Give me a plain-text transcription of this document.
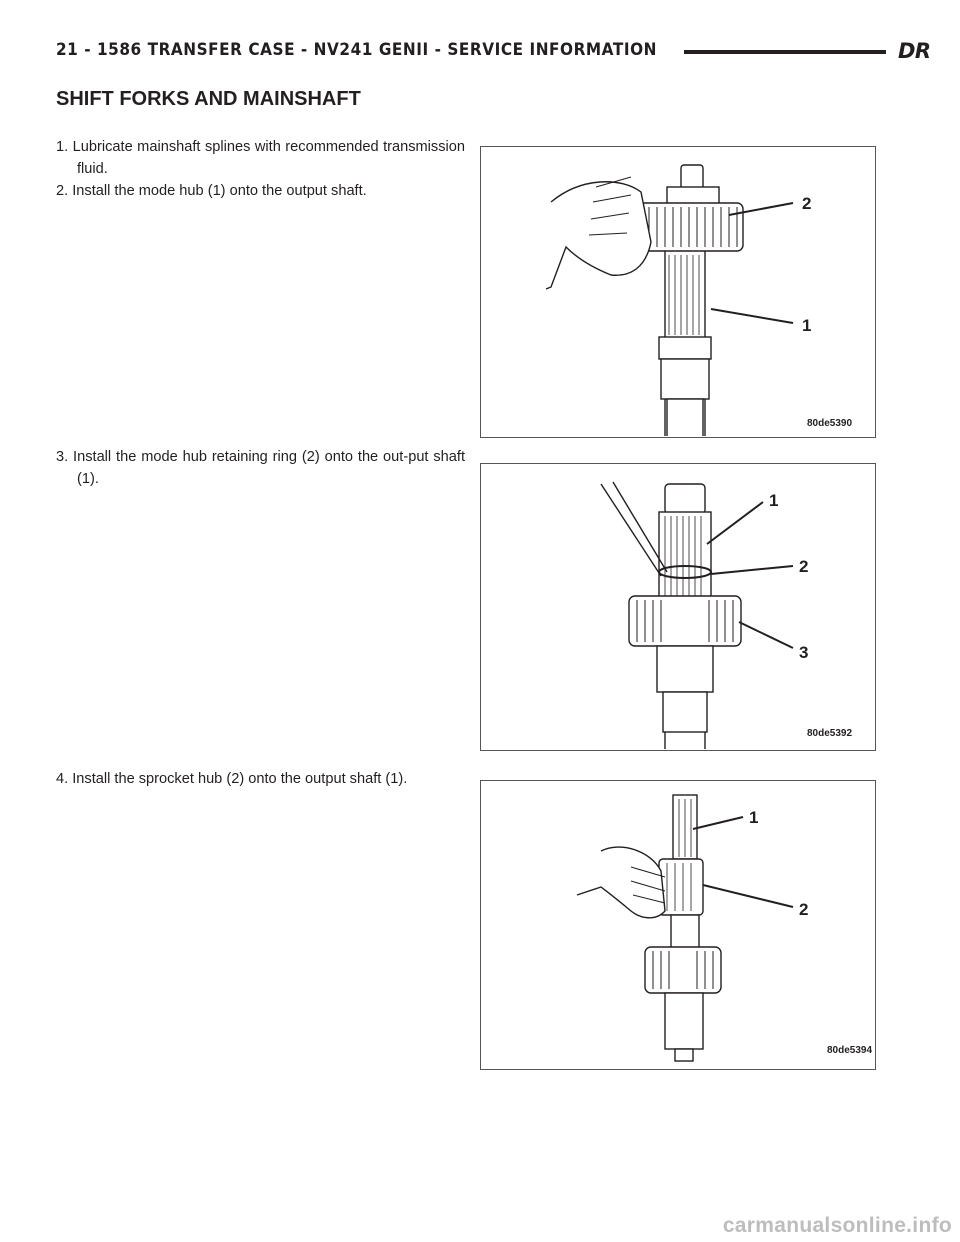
21 - 1586 TRANSFER CASE - NV241 GENII - SERVICE INFORMATION	DR
SHIFT FORKS AND MAINSHAFT

1. Lubricate mainshaft splines with recommended transmission fluid.

2. Install the mode hub (1) onto the output shaft.

3. Install the mode hub retaining ring (2) onto the out-put shaft (1).

4. Install the sprocket hub (2) onto the output shaft (1).

2
1
80de5390
1
2
3
80de5392
1
2
80de5394
carmanualsonline.info
